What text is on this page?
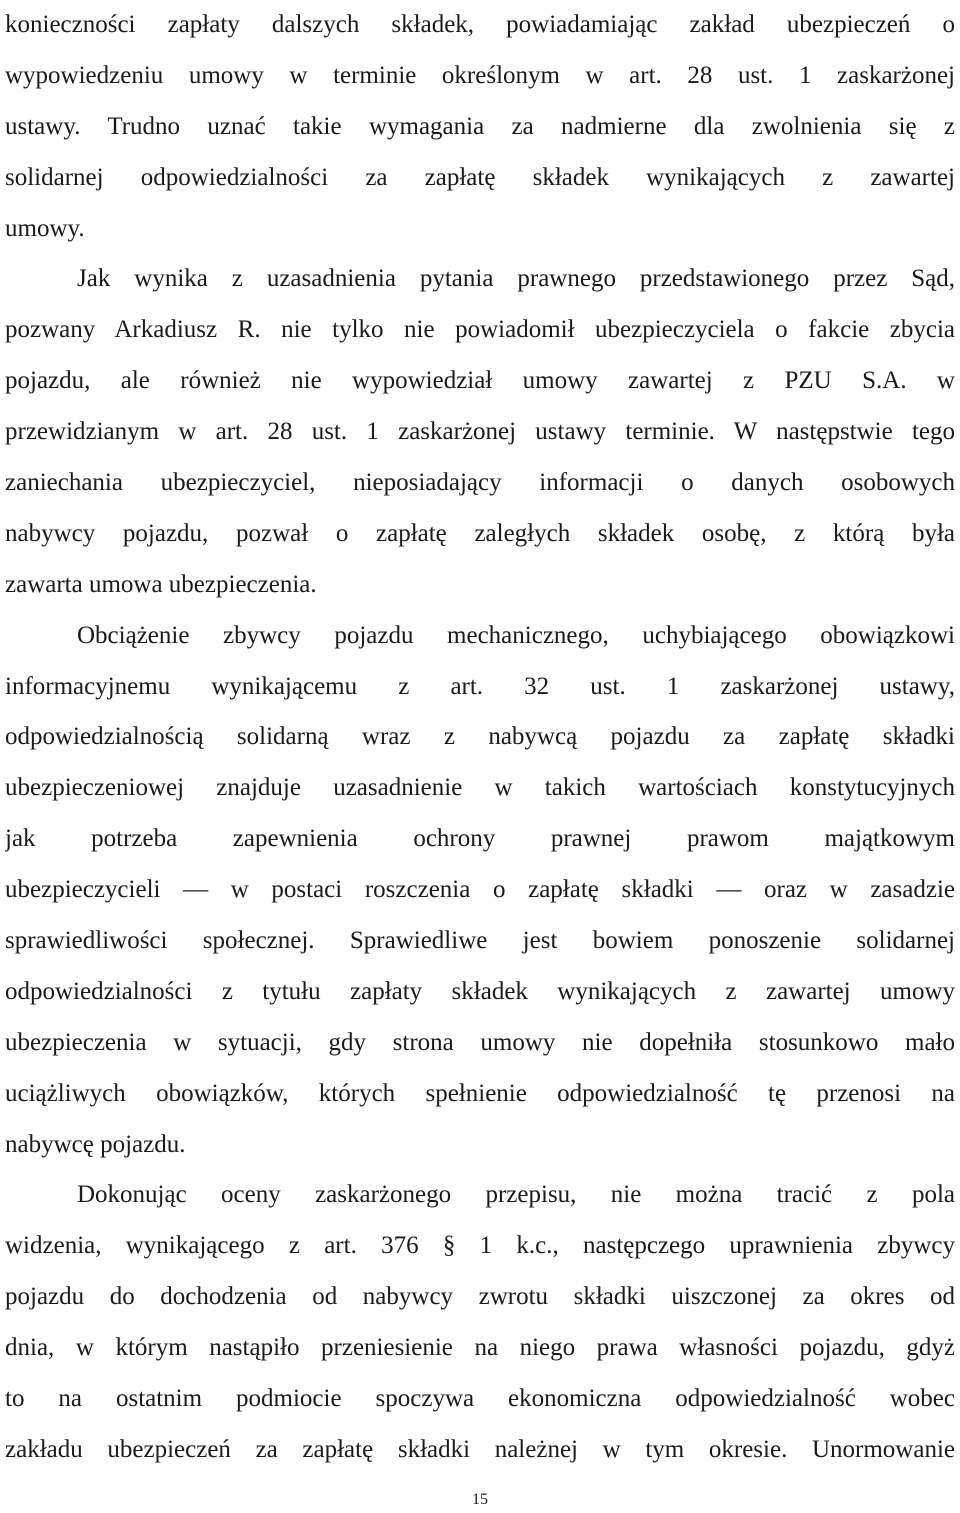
konieczności zapłaty dalszych składek, powiadamiając zakład ubezpieczeń o
wypowiedzeniu umowy w terminie określonym w art. 28 ust. 1 zaskarżonej
ustawy. Trudno uznać takie wymagania za nadmierne dla zwolnienia się z
solidarnej odpowiedzialności za zapłatę składek wynikających z zawartej
umowy.
Jak wynika z uzasadnienia pytania prawnego przedstawionego przez Sąd,
pozwany Arkadiusz R. nie tylko nie powiadomił ubezpieczyciela o fakcie zbycia
pojazdu, ale również nie wypowiedział umowy zawartej z PZU S.A. w
przewidzianym w art. 28 ust. 1 zaskarżonej ustawy terminie. W następstwie tego
zaniechania ubezpieczyciel, nieposiadający informacji o danych osobowych
nabywcy pojazdu, pozwał o zapłatę zaległych składek osobę, z którą była
zawarta umowa ubezpieczenia.
Obciążenie zbywcy pojazdu mechanicznego, uchybiającego obowiązkowi
informacyjnemu wynikającemu z art. 32 ust. 1 zaskarżonej ustawy,
odpowiedzialnością solidarną wraz z nabywcą pojazdu za zapłatę składki
ubezpieczeniowej znajduje uzasadnienie w takich wartościach konstytucyjnych
jak potrzeba zapewnienia ochrony prawnej prawom majątkowym
ubezpieczycieli — w postaci roszczenia o zapłatę składki — oraz w zasadzie
sprawiedliwości społecznej. Sprawiedliwe jest bowiem ponoszenie solidarnej
odpowiedzialności z tytułu zapłaty składek wynikających z zawartej umowy
ubezpieczenia w sytuacji, gdy strona umowy nie dopełniła stosunkowo mało
uciążliwych obowiązków, których spełnienie odpowiedzialność tę przenosi na
nabywcę pojazdu.
Dokonując oceny zaskarżonego przepisu, nie można tracić z pola
widzenia, wynikającego z art. 376 § 1 k.c., następczego uprawnienia zbywcy
pojazdu do dochodzenia od nabywcy zwrotu składki uiszczonej za okres od
dnia, w którym nastąpiło przeniesienie na niego prawa własności pojazdu, gdyż
to na ostatnim podmiocie spoczywa ekonomiczna odpowiedzialność wobec
zakładu ubezpieczeń za zapłatę składki należnej w tym okresie. Unormowanie
15
